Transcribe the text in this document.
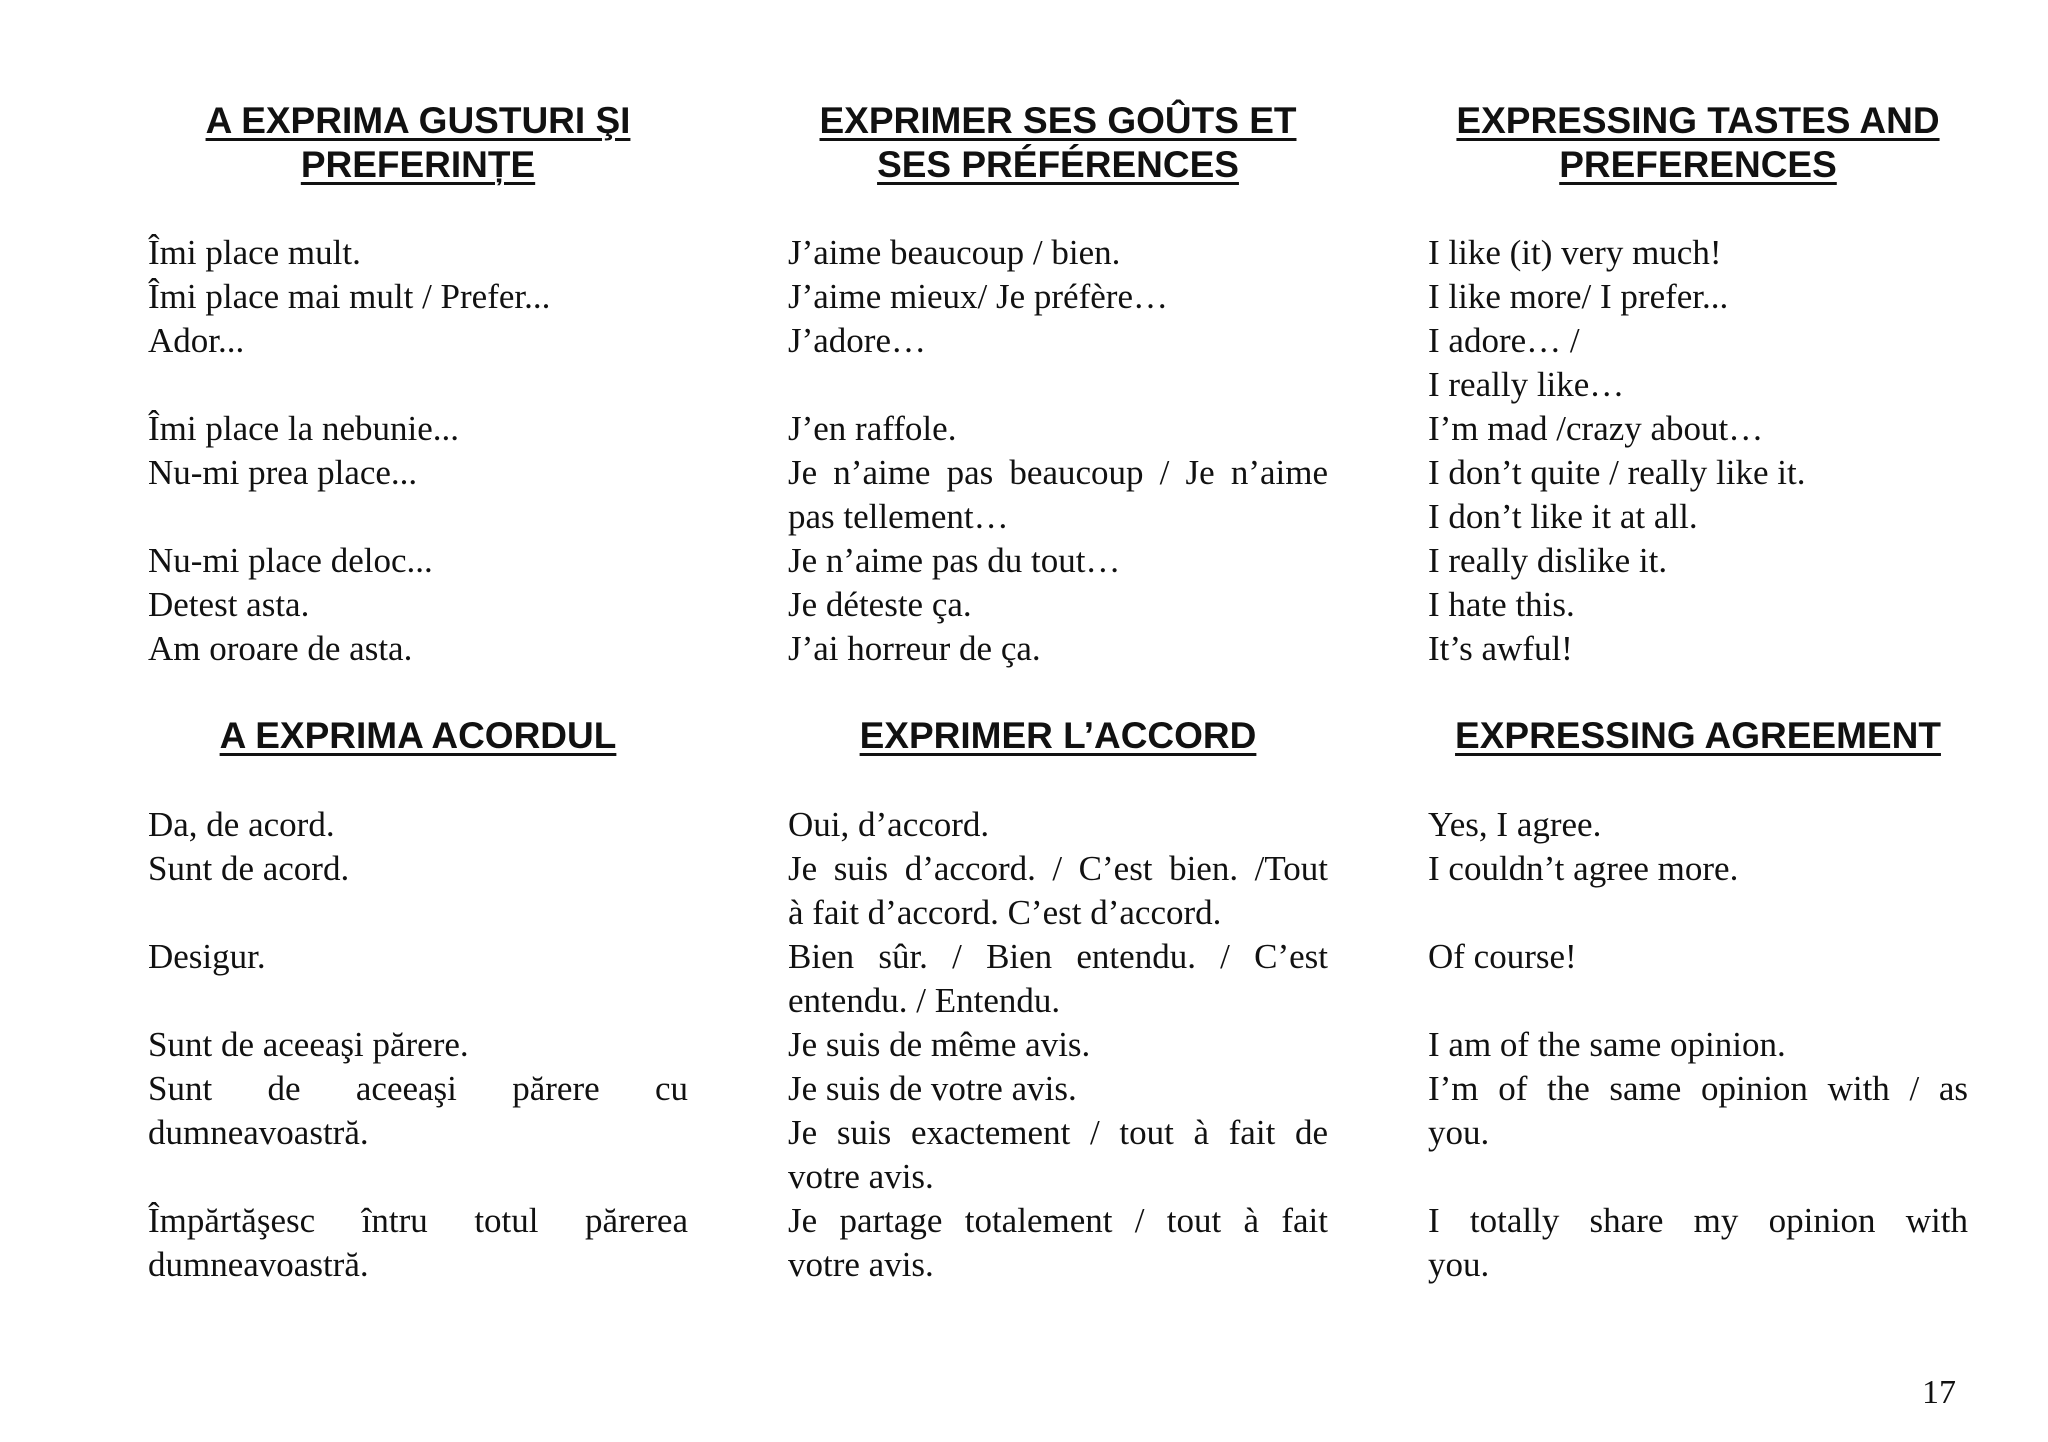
A EXPRIMA GUSTURI ŞI
PREFERINȚE
Îmi place mult.
Îmi place mai mult / Prefer...
Ador...
Îmi place la nebunie...
Nu-mi prea place...
Nu-mi place deloc...
Detest asta.
Am oroare de asta.
A EXPRIMA ACORDUL
Da, de acord.
Sunt de acord.
Desigur.
Sunt de aceeaşi părere.
Sunt de aceeaşi părere cu
dumneavoastră.
Împărtăşesc întru totul părerea
dumneavoastră.
EXPRIMER SES GOÛTS ET
SES PRÉFÉRENCES
J’aime beaucoup / bien.
J’aime mieux/ Je préfère…
J’adore…
J’en raffole.
Je n’aime pas beaucoup / Je n’aime
pas tellement…
Je n’aime pas du tout…
Je déteste ça.
J’ai horreur de ça.
EXPRIMER L’ACCORD
Oui, d’accord.
Je suis d’accord. / C’est bien. /Tout
à fait d’accord. C’est d’accord.
Bien sûr. / Bien entendu. / C’est
entendu. / Entendu.
Je suis de même avis.
Je suis de votre avis.
Je suis exactement / tout à fait de
votre avis.
Je partage totalement / tout à fait
votre avis.
EXPRESSING TASTES AND
PREFERENCES
I like (it) very much!
I like more/ I prefer...
I adore… /
I really like…
I’m mad /crazy about…
I don’t quite / really like it.
I don’t like it at all.
I really dislike it.
I hate this.
It’s awful!
EXPRESSING AGREEMENT
Yes, I agree.
I couldn’t agree more.
Of course!
I am of the same opinion.
I’m of the same opinion with / as
you.
I totally share my opinion with
you.
17
